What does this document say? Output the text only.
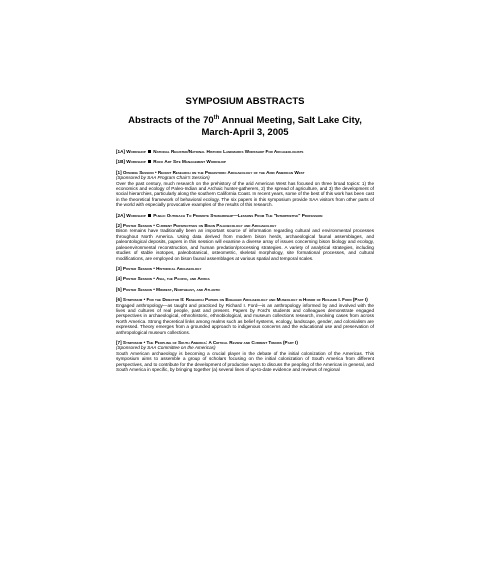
SYMPOSIUM ABSTRACTS
Abstracts of the 70th Annual Meeting, Salt Lake City,
March-April 3, 2005
[1A] Workshop National Register/National Historic Landmarks Workshop For Archaeologists
[1B] Workshop Rock Art Site Management Workshop
[1] Opening Session • Recent Research on the Prehistoric Archaeology of the Arid American West
(Sponsored by SAA Program Chair's Session)
Over the past century, much research on the prehistory of the arid American West has focused on three broad topics: 1) the economics and ecology of Paleo-Indian and Archaic hunter-gatherers, 2) the spread of agriculture, and 3) the development of social hierarchies, particularly along the southern California Coast. In recent years, some of the best of this work has been cast in the theoretical framework of behavioral ecology. The six papers in this symposium provide SAA visitors from other parts of the world with especially provocative examples of the results of this research.
[2A] Workshop Public Outreach To Promote Stewardship—Lessons From The "Interpretive" Profession
[2] Poster Session • Current Perspectives on Bison Paleoecology and Archaeology
Bison remains have traditionally been an important source of information regarding cultural and environmental processes throughout North America. Using data derived from modern bison herds, archaeological faunal assemblages, and paleontological deposits, papers in this session will examine a diverse array of issues concerning bison biology and ecology, paleoenvironmental reconstruction, and human predation/processing strategies. A variety of analytical strategies, including studies of stable isotopes, paleobotanical, osteometric, skeletal morphology, site formational processes, and cultural modifications, are employed on bison faunal assemblages at various spatial and temporal scales.
[3] Poster Session • Historical Archaeology
[4] Poster Session • Asia, the Pacific, and Africa
[5] Poster Session • Midwest, Northeast, and Atlantic
[6] Symposium • For the Director II: Research Papers on Engaged Archaeology and Museology in Honor of Richard I. Ford (Part I)
Engaged anthropology—as taught and practiced by Richard I. Ford—is an anthropology informed by and involved with the lives and cultures of real people, past and present. Papers by Ford's students and colleagues demonstrate engaged perspectives in archaeological, ethnohistoric, ethnobiological, and museum collections research, involving cases from across North America. Strong theoretical links among realms such as belief systems, ecology, landscape, gender, and colonialism are expressed. Theory emerges from a grounded approach to indigenous concerns and the educational use and preservation of anthropological museum collections.
[7] Symposium • The Peopling of South America: A Critical Review and Current Trends (Part I)
(Sponsored by SAA Committee on the Americas)
South American archaeology is becoming a crucial player in the debate of the initial colonization of the Americas. This symposium aims to assemble a group of scholars focusing on the initial colonization of South America from different perspectives, and to contribute for the development of productive ways to discuss the peopling of the Americas in general, and South America in specific, by bringing together (a) several lines of up-to-date evidence and reviews of regional
